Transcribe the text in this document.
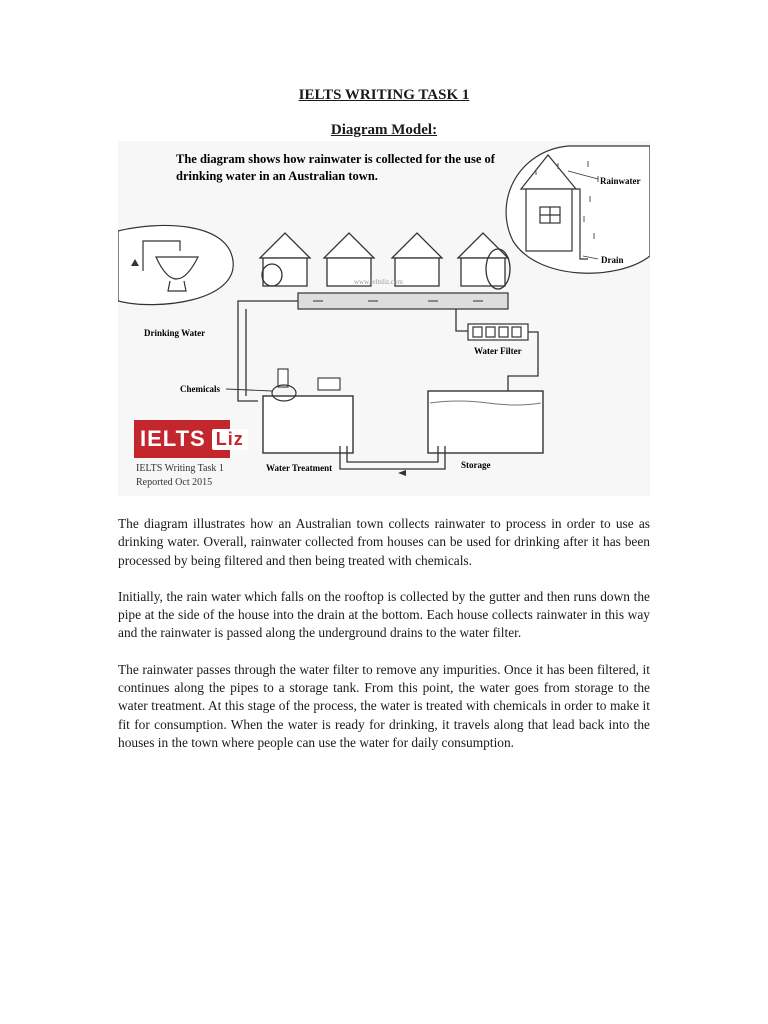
IELTS WRITING TASK 1
Diagram Model:
The diagram shows how rainwater is collected for the use of
drinking water in an Australian town.	Rainwater
Drain
Drinking Water
www.ieltsliz.com
Water Filter
Storage
Water Treatment
Chemicals
IELTS Liz
IELTS Writing Task 1
Reported Oct 2015

The diagram illustrates how an Australian town collects rainwater to process in order to use as drinking water. Overall, rainwater collected from houses can be used for drinking after it has been processed by being filtered and then being treated with chemicals.

Initially, the rain water which falls on the rooftop is collected by the gutter and then runs down the pipe at the side of the house into the drain at the bottom. Each house collects rainwater in this way and the rainwater is passed along the underground drains to the water filter.

The rainwater passes through the water filter to remove any impurities. Once it has been filtered, it continues along the pipes to a storage tank. From this point, the water goes from storage to the water treatment. At this stage of the process, the water is treated with chemicals in order to make it fit for consumption. When the water is ready for drinking, it travels along that lead back into the houses in the town where people can use the water for daily consumption.
